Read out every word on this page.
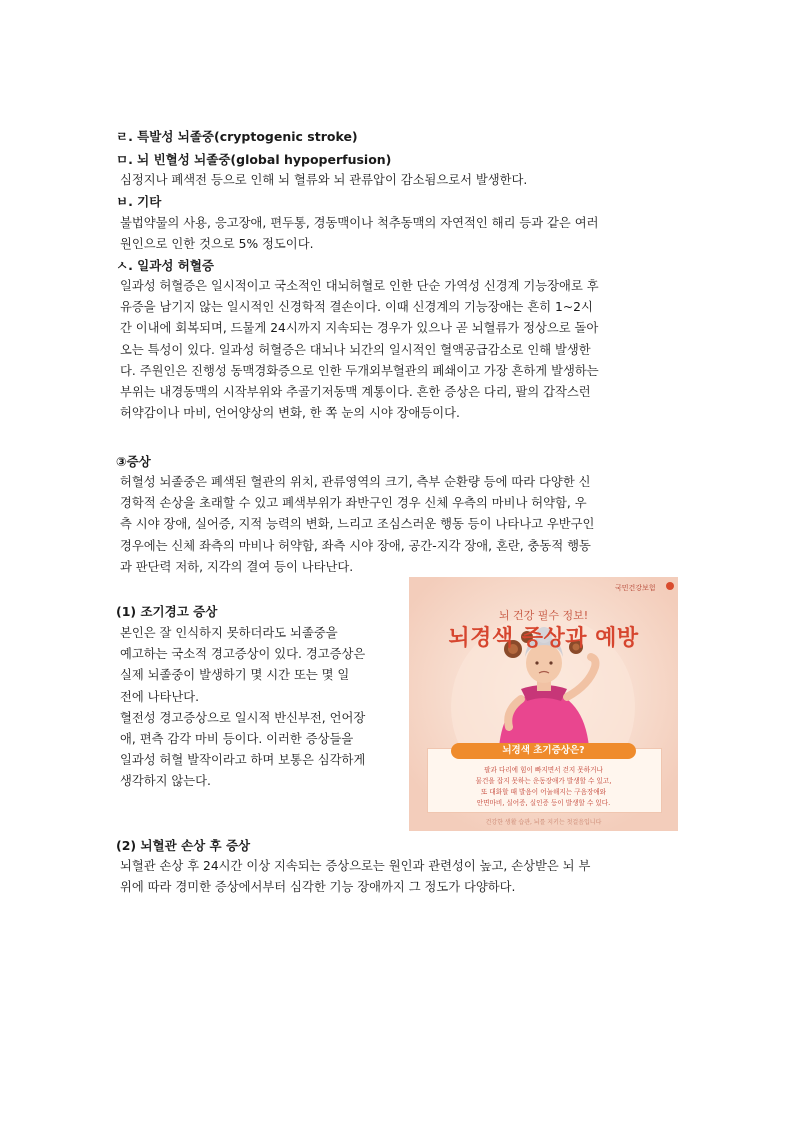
ㄹ. 특발성 뇌졸중(cryptogenic stroke)
ㅁ. 뇌 빈혈성 뇌졸중(global hypoperfusion)
심정지나 폐색전 등으로 인해 뇌 혈류와 뇌 관류압이 감소됨으로서 발생한다.
ㅂ. 기타
불법약물의 사용, 응고장애, 편두통, 경동맥이나 척추동맥의 자연적인 해리 등과 같은 여러
원인으로 인한 것으로 5% 정도이다.
ㅅ. 일과성 허혈증
일과성 허혈증은 일시적이고 국소적인 대뇌허혈로 인한 단순 가역성 신경계 기능장애로 후
유증을 남기지 않는 일시적인 신경학적 결손이다. 이때 신경계의 기능장애는 흔히 1~2시
간 이내에 회복되며, 드물게 24시까지 지속되는 경우가 있으나 곧 뇌혈류가 정상으로 돌아
오는 특성이 있다. 일과성 허혈증은 대뇌나 뇌간의 일시적인 혈액공급감소로 인해 발생한
다. 주원인은 진행성 동맥경화증으로 인한 두개외부혈관의 폐쇄이고 가장 흔하게 발생하는
부위는 내경동맥의 시작부위와 추골기저동맥 계통이다. 흔한 증상은 다리, 팔의 갑작스런
허약감이나 마비, 언어양상의 변화, 한 쪽 눈의 시야 장애등이다.
③증상
허혈성 뇌졸중은 폐색된 혈관의 위치, 관류영역의 크기, 측부 순환량 등에 따라 다양한 신
경학적 손상을 초래할 수 있고 폐색부위가 좌반구인 경우 신체 우측의 마비나 허약함, 우
측 시야 장애, 실어증, 지적 능력의 변화, 느리고 조심스러운 행동 등이 나타나고 우반구인
경우에는 신체 좌측의 마비나 허약함, 좌측 시야 장애, 공간-지각 장애, 혼란, 충동적 행동
과 판단력 저하, 지각의 결여 등이 나타난다.
(1) 조기경고 증상
본인은 잘 인식하지 못하더라도 뇌졸중을
예고하는 국소적 경고증상이 있다. 경고증상은
실제 뇌졸중이 발생하기 몇 시간 또는 몇 일
전에 나타난다.
혈전성 경고증상으로 일시적 반신부전, 언어장
애, 편측 감각 마비 등이다. 이러한 증상들을
일과성 허혈 발작이라고 하며 보통은 심각하게
생각하지 않는다.
(2) 뇌혈관 손상 후 증상
뇌혈관 손상 후 24시간 이상 지속되는 증상으로는 원인과 관련성이 높고, 손상받은 뇌 부
위에 따라 경미한 증상에서부터 심각한 기능 장애까지 그 정도가 다양하다.
국민건강보험
뇌 건강 필수 정보!
뇌경색 증상과 예방
뇌경색 초기증상은?
팔과 다리에 힘이 빠지면서 걷지 못하거나
물건을 잡지 못하는 운동장애가 발생할 수 있고,
또 대화할 때 발음이 어눌해지는 구음장애와
안면마비, 실어증, 실인증 등이 발생할 수 있다.
건강한 생활 습관, 뇌를 지키는 첫걸음입니다
